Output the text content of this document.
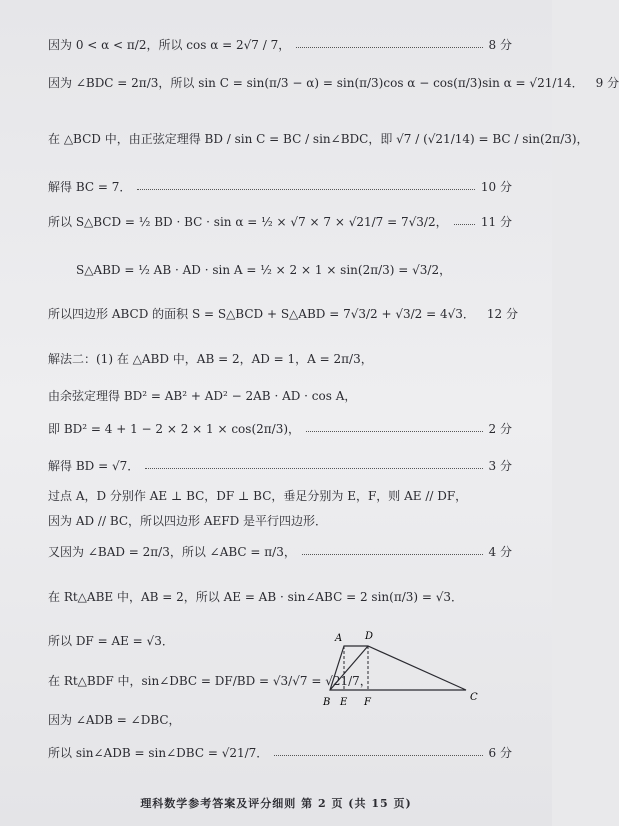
因为 0 < α < π/2，所以 cos α = 2√7 / 7，	8 分
因为 ∠BDC = 2π/3，所以 sin C = sin(π/3 − α) = sin(π/3)cos α − cos(π/3)sin α = √21/14． 9 分
在 △BCD 中，由正弦定理得 BD / sin C = BC / sin∠BDC，即 √7 / (√21/14) = BC / sin(2π/3)，
解得 BC = 7．	10 分
所以 S△BCD = ½ BD · BC · sin α = ½ × √7 × 7 × √21/7 = 7√3/2，	11 分
S△ABD = ½ AB · AD · sin A = ½ × 2 × 1 × sin(2π/3) = √3/2，
所以四边形 ABCD 的面积 S = S△BCD + S△ABD = 7√3/2 + √3/2 = 4√3． 12 分
解法二：(1) 在 △ABD 中，AB = 2，AD = 1，A = 2π/3，
由余弦定理得 BD² = AB² + AD² − 2AB · AD · cos A，
即 BD² = 4 + 1 − 2 × 2 × 1 × cos(2π/3)，	2 分
解得 BD = √7．	3 分
过点 A，D 分别作 AE ⊥ BC，DF ⊥ BC，垂足分别为 E，F，则 AE // DF，
因为 AD // BC，所以四边形 AEFD 是平行四边形．
又因为 ∠BAD = 2π/3，所以 ∠ABC = π/3，	4 分
在 Rt△ABE 中，AB = 2，所以 AE = AB · sin∠ABC = 2 sin(π/3) = √3．
所以 DF = AE = √3．
在 Rt△BDF 中，sin∠DBC = DF/BD = √3/√7 = √21/7，
因为 ∠ADB = ∠DBC，
所以 sin∠ADB = sin∠DBC = √21/7．	6 分
A D
B E F	C
理科数学参考答案及评分细则 第 2 页 (共 15 页)
